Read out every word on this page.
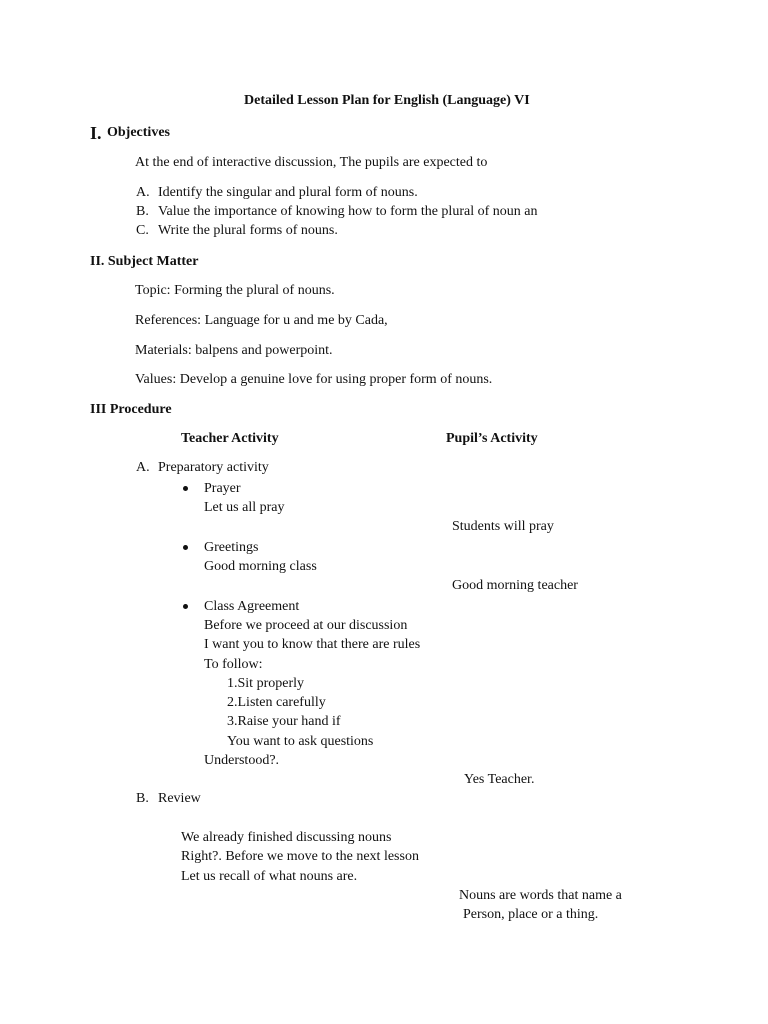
Detailed Lesson Plan for English (Language) VI
I. Objectives
At the end of interactive discussion, The pupils are expected to
A. Identify the singular and plural form of nouns.
B. Value the importance of knowing how to form the plural of noun an
C. Write the plural forms of nouns.
II. Subject Matter
Topic: Forming the plural of nouns.
References: Language for u and me by Cada,
Materials: balpens and powerpoint.
Values: Develop a genuine love for using proper form of nouns.
III Procedure
Teacher Activity	Pupil’s Activity
A. Preparatory activity
Prayer
Let us all pray
Students will pray
Greetings
Good morning class
Good morning teacher
Class Agreement
Before we proceed at our discussion
I want you to know that there are rules
To follow:
1.Sit properly
2.Listen carefully
3.Raise your hand if
You want to ask questions
Understood?.
Yes Teacher.
B. Review
We already finished discussing nouns
Right?. Before we move to the next lesson
Let us recall of what nouns are.
Nouns are words that name a
Person, place or a thing.
